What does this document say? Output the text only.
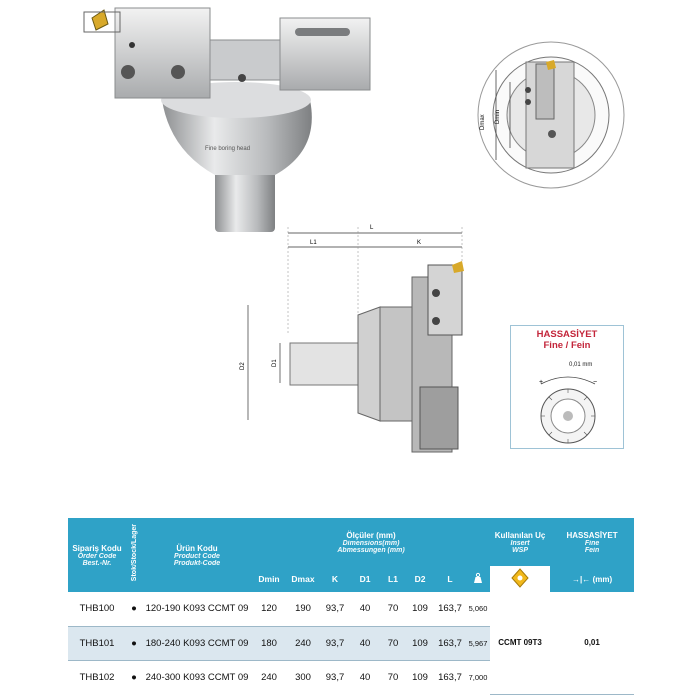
Fine boring head
Dmax Dmin
L
L1	K
D2	D1
HASSASİYET
Fine / Fein
0,01 mm
+	−
Sipariş Kodu
Order Code
Best.-Nr.	Stok/Stock/Lager	Ürün Kodu
Product Code
Produkt-Code	Ölçüler (mm)
Dimensions(mm)
Abmessungen (mm)								Kullanılan Uç
Insert
WSP	HASSASİYET
Fine
Fein

			Dmin	Dmax	K	D1	L1	D2	L			→|← (mm)
THB100	●	120-190 K093 CCMT 09	120	190	93,7	40	70	109	163,7	5,060	CCMT 09T3	0,01
THB101	●	180-240 K093 CCMT 09	180	240	93,7	40	70	109	163,7	5,967		
THB102	●	240-300 K093 CCMT 09	240	300	93,7	40	70	109	163,7	7,000		
